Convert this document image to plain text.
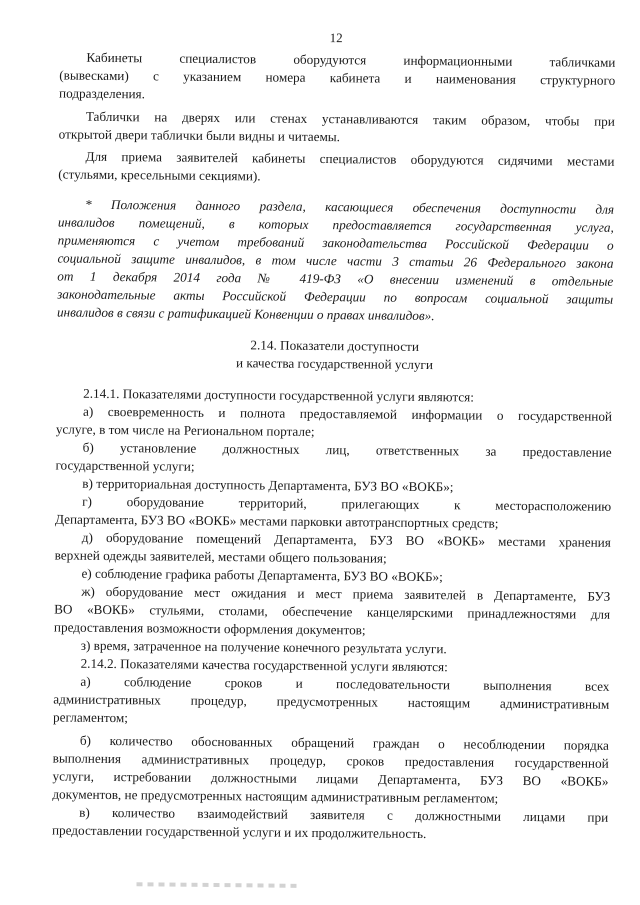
12
Кабинеты специалистов оборудуются информационными табличками
(вывесками) с указанием номера кабинета и наименования структурного
подразделения.
Таблички на дверях или стенах устанавливаются таким образом, чтобы при
открытой двери таблички были видны и читаемы.
Для приема заявителей кабинеты специалистов оборудуются сидячими местами
(стульями, кресельными секциями).
* Положения данного раздела, касающиеся обеспечения доступности для
инвалидов помещений, в которых предоставляется государственная услуга,
применяются с учетом требований законодательства Российской Федерации о
социальной защите инвалидов, в том числе части 3 статьи 26 Федерального закона
от 1 декабря 2014 года № 419-ФЗ «О внесении изменений в отдельные
законодательные акты Российской Федерации по вопросам социальной защиты
инвалидов в связи с ратификацией Конвенции о правах инвалидов».
2.14. Показатели доступности
и качества государственной услуги
2.14.1. Показателями доступности государственной услуги являются:
а) своевременность и полнота предоставляемой информации о государственной
услуге, в том числе на Региональном портале;
б) установление должностных лиц, ответственных за предоставление
государственной услуги;
в) территориальная доступность Департамента, БУЗ ВО «ВОКБ»;
г) оборудование территорий, прилегающих к месторасположению
Департамента, БУЗ ВО «ВОКБ» местами парковки автотранспортных средств;
д) оборудование помещений Департамента, БУЗ ВО «ВОКБ» местами хранения
верхней одежды заявителей, местами общего пользования;
е) соблюдение графика работы Департамента, БУЗ ВО «ВОКБ»;
ж) оборудование мест ожидания и мест приема заявителей в Департаменте, БУЗ
ВО «ВОКБ» стульями, столами, обеспечение канцелярскими принадлежностями для
предоставления возможности оформления документов;
з) время, затраченное на получение конечного результата услуги.
2.14.2. Показателями качества государственной услуги являются:
а) соблюдение сроков и последовательности выполнения всех
административных процедур, предусмотренных настоящим административным
регламентом;
б) количество обоснованных обращений граждан о несоблюдении порядка
выполнения административных процедур, сроков предоставления государственной
услуги, истребовании должностными лицами Департамента, БУЗ ВО «ВОКБ»
документов, не предусмотренных настоящим административным регламентом;
в) количество взаимодействий заявителя с должностными лицами при
предоставлении государственной услуги и их продолжительность.
